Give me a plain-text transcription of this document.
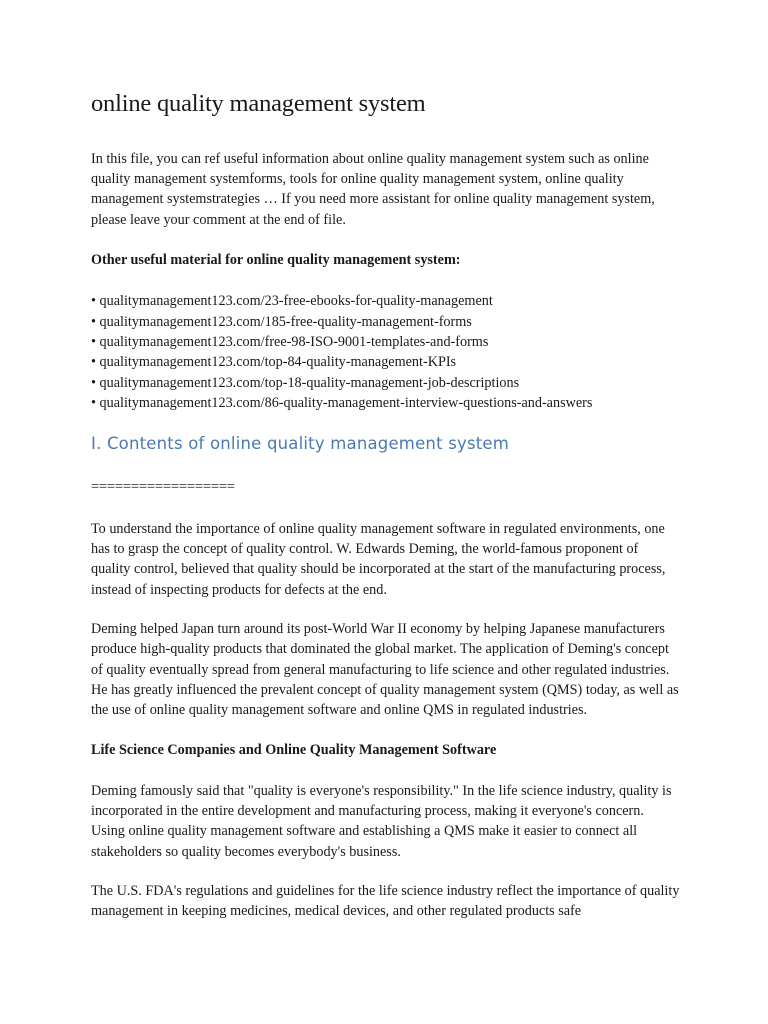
online quality management system

In this file, you can ref useful information about online quality management system such as online quality management systemforms, tools for online quality management system, online quality management systemstrategies … If you need more assistant for online quality management system, please leave your comment at the end of file.

Other useful material for online quality management system:

• qualitymanagement123.com/23-free-ebooks-for-quality-management
• qualitymanagement123.com/185-free-quality-management-forms
• qualitymanagement123.com/free-98-ISO-9001-templates-and-forms
• qualitymanagement123.com/top-84-quality-management-KPIs
• qualitymanagement123.com/top-18-quality-management-job-descriptions
• qualitymanagement123.com/86-quality-management-interview-questions-and-answers
I. Contents of online quality management system

==================

To understand the importance of online quality management software in regulated environments, one has to grasp the concept of quality control. W. Edwards Deming, the world-famous proponent of quality control, believed that quality should be incorporated at the start of the manufacturing process, instead of inspecting products for defects at the end.

Deming helped Japan turn around its post-World War II economy by helping Japanese manufacturers produce high-quality products that dominated the global market. The application of Deming's concept of quality eventually spread from general manufacturing to life science and other regulated industries. He has greatly influenced the prevalent concept of quality management system (QMS) today, as well as the use of online quality management software and online QMS in regulated industries.

Life Science Companies and Online Quality Management Software

Deming famously said that "quality is everyone's responsibility." In the life science industry, quality is incorporated in the entire development and manufacturing process, making it everyone's concern. Using online quality management software and establishing a QMS make it easier to connect all stakeholders so quality becomes everybody's business.

The U.S. FDA's regulations and guidelines for the life science industry reflect the importance of quality management in keeping medicines, medical devices, and other regulated products safe
